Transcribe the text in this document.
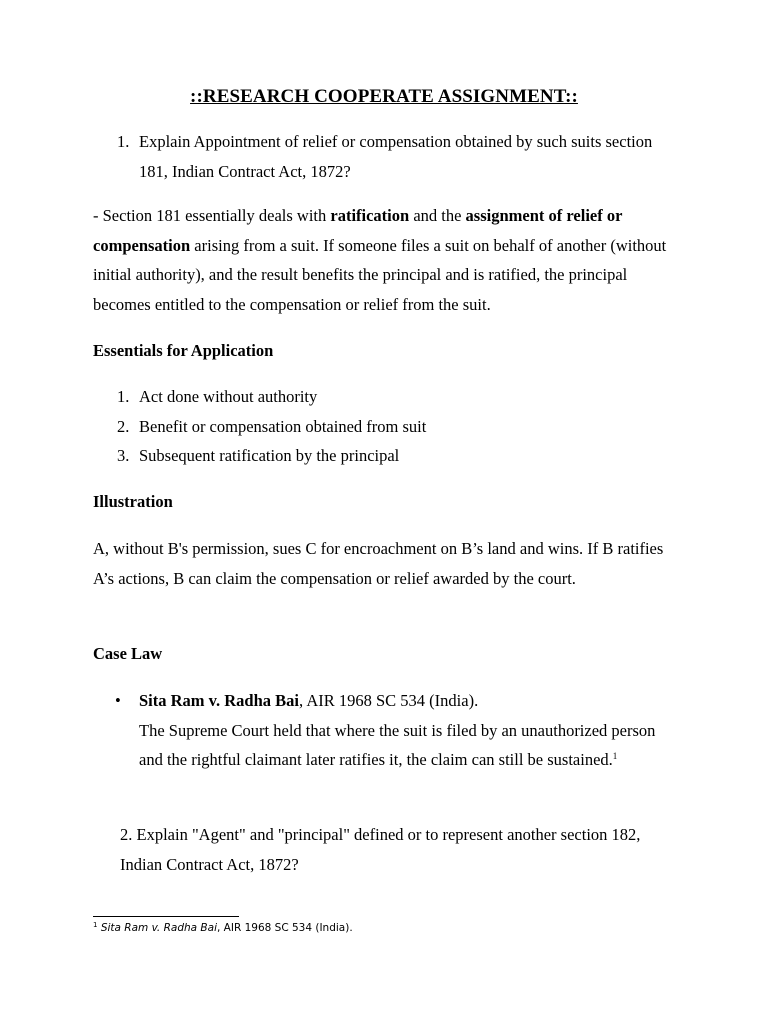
::RESEARCH COOPERATE ASSIGNMENT::
1. Explain Appointment of relief or compensation obtained by such suits section 181, Indian Contract Act, 1872?
- Section 181 essentially deals with ratification and the assignment of relief or compensation arising from a suit. If someone files a suit on behalf of another (without initial authority), and the result benefits the principal and is ratified, the principal becomes entitled to the compensation or relief from the suit.
Essentials for Application
1. Act done without authority
2. Benefit or compensation obtained from suit
3. Subsequent ratification by the principal
Illustration
A, without B's permission, sues C for encroachment on B’s land and wins. If B ratifies A’s actions, B can claim the compensation or relief awarded by the court.
Case Law
•	Sita Ram v. Radha Bai, AIR 1968 SC 534 (India).
The Supreme Court held that where the suit is filed by an unauthorized person and the rightful claimant later ratifies it, the claim can still be sustained.$^1$
2. Explain "Agent" and "principal" defined or to represent another section 182, Indian Contract Act, 1872?
$^1$ Sita Ram v. Radha Bai, AIR 1968 SC 534 (India).
